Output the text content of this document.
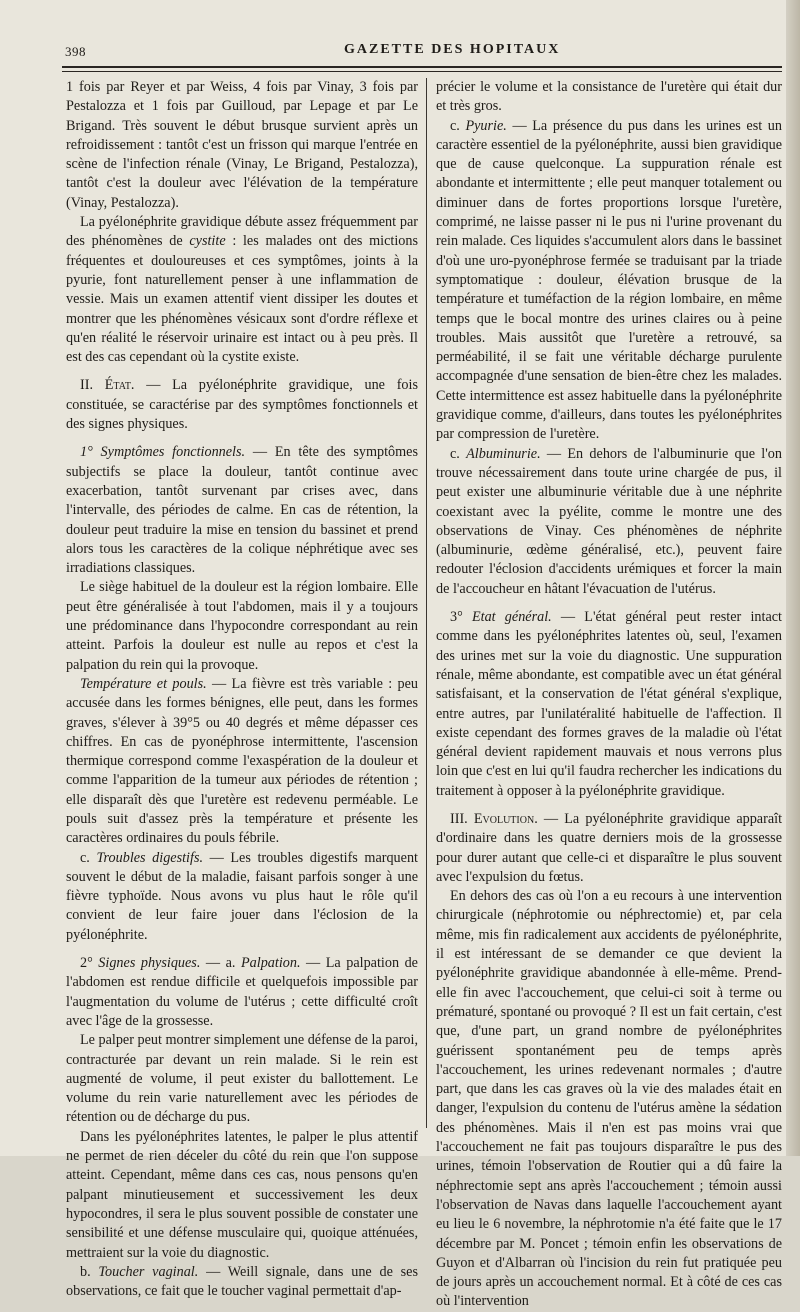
398	GAZETTE DES HOPITAUX

1 fois par Reyer et par Weiss, 4 fois par Vinay, 3 fois par Pestalozza et 1 fois par Guilloud, par Lepage et par Le Brigand. Très souvent le début brusque survient après un refroidissement : tantôt c'est un frisson qui marque l'entrée en scène de l'infection rénale (Vinay, Le Brigand, Pestalozza), tantôt c'est la douleur avec l'élévation de la température (Vinay, Pestalozza).

La pyélonéphrite gravidique débute assez fréquemment par des phénomènes de cystite : les malades ont des mictions fréquentes et douloureuses et ces symptômes, joints à la pyurie, font naturellement penser à une inflammation de vessie. Mais un examen attentif vient dissiper les doutes et montrer que les phénomènes vésicaux sont d'ordre réflexe et qu'en réalité le réservoir urinaire est intact ou à peu près. Il est des cas cependant où la cystite existe.

II. État. — La pyélonéphrite gravidique, une fois constituée, se caractérise par des symptômes fonctionnels et des signes physiques.

1° Symptômes fonctionnels. — En tête des symptômes subjectifs se place la douleur, tantôt continue avec exacerbation, tantôt survenant par crises avec, dans l'intervalle, des périodes de calme. En cas de rétention, la douleur peut traduire la mise en tension du bassinet et prend alors tous les caractères de la colique néphrétique avec ses irradiations classiques.

Le siège habituel de la douleur est la région lombaire. Elle peut être généralisée à tout l'abdomen, mais il y a toujours une prédominance dans l'hypocondre correspondant au rein atteint. Parfois la douleur est nulle au repos et c'est la palpation du rein qui la provoque.

Température et pouls. — La fièvre est très variable : peu accusée dans les formes bénignes, elle peut, dans les formes graves, s'élever à 39°5 ou 40 degrés et même dépasser ces chiffres. En cas de pyonéphrose intermittente, l'ascension thermique correspond comme l'exaspération de la douleur et comme l'apparition de la tumeur aux périodes de rétention ; elle disparaît dès que l'uretère est redevenu perméable. Le pouls suit d'assez près la température et présente les caractères ordinaires du pouls fébrile.

c. Troubles digestifs. — Les troubles digestifs marquent souvent le début de la maladie, faisant parfois songer à une fièvre typhoïde. Nous avons vu plus haut le rôle qu'il convient de leur faire jouer dans l'éclosion de la pyélonéphrite.

2° Signes physiques. — a. Palpation. — La palpation de l'abdomen est rendue difficile et quelquefois impossible par l'augmentation du volume de l'utérus ; cette difficulté croît avec l'âge de la grossesse.

Le palper peut montrer simplement une défense de la paroi, contracturée par devant un rein malade. Si le rein est augmenté de volume, il peut exister du ballottement. Le volume du rein varie naturellement avec les périodes de rétention ou de décharge du pus.

Dans les pyélonéphrites latentes, le palper le plus attentif ne permet de rien déceler du côté du rein que l'on suppose atteint. Cependant, même dans ces cas, nous pensons qu'en palpant minutieusement et successivement les deux hypocondres, il sera le plus souvent possible de constater une sensibilité et une défense musculaire qui, quoique atténuées, mettraient sur la voie du diagnostic.

b. Toucher vaginal. — Weill signale, dans une de ses observations, ce fait que le toucher vaginal permettait d'ap-

précier le volume et la consistance de l'uretère qui était dur et très gros.

c. Pyurie. — La présence du pus dans les urines est un caractère essentiel de la pyélonéphrite, aussi bien gravidique que de cause quelconque. La suppuration rénale est abondante et intermittente ; elle peut manquer totalement ou diminuer dans de fortes proportions lorsque l'uretère, comprimé, ne laisse passer ni le pus ni l'urine provenant du rein malade. Ces liquides s'accumulent alors dans le bassinet d'où une uro-pyonéphrose fermée se traduisant par la triade symptomatique : douleur, élévation brusque de la température et tuméfaction de la région lombaire, en même temps que le bocal montre des urines claires ou à peine troubles. Mais aussitôt que l'uretère a retrouvé, sa perméabilité, il se fait une véritable décharge purulente accompagnée d'une sensation de bien-être chez les malades. Cette intermittence est assez habituelle dans la pyélonéphrite gravidique comme, d'ailleurs, dans toutes les pyélonéphrites par compression de l'uretère.

c. Albuminurie. — En dehors de l'albuminurie que l'on trouve nécessairement dans toute urine chargée de pus, il peut exister une albuminurie véritable due à une néphrite coexistant avec la pyélite, comme le montre une des observations de Vinay. Ces phénomènes de néphrite (albuminurie, œdème généralisé, etc.), peuvent faire redouter l'éclosion d'accidents urémiques et forcer la main de l'accoucheur en hâtant l'évacuation de l'utérus.

3° Etat général. — L'état général peut rester intact comme dans les pyélonéphrites latentes où, seul, l'examen des urines met sur la voie du diagnostic. Une suppuration rénale, même abondante, est compatible avec un état général satisfaisant, et la conservation de l'état général s'explique, entre autres, par l'unilatéralité habituelle de l'affection. Il existe cependant des formes graves de la maladie où l'état général devient rapidement mauvais et nous verrons plus loin que c'est en lui qu'il faudra rechercher les indications du traitement à opposer à la pyélonéphrite gravidique.

III. Evolution. — La pyélonéphrite gravidique apparaît d'ordinaire dans les quatre derniers mois de la grossesse pour durer autant que celle-ci et disparaître le plus souvent avec l'expulsion du fœtus.

En dehors des cas où l'on a eu recours à une intervention chirurgicale (néphrotomie ou néphrectomie) et, par cela même, mis fin radicalement aux accidents de pyélonéphrite, il est intéressant de se demander ce que devient la pyélonéphrite gravidique abandonnée à elle-même. Prend-elle fin avec l'accouchement, que celui-ci soit à terme ou prématuré, spontané ou provoqué ? Il est un fait certain, c'est que, d'une part, un grand nombre de pyélonéphrites guérissent spontanément peu de temps après l'accouchement, les urines redevenant normales ; d'autre part, que dans les cas graves où la vie des malades était en danger, l'expulsion du contenu de l'utérus amène la sédation des phénomènes. Mais il n'en est pas moins vrai que l'accouchement ne fait pas toujours disparaître le pus des urines, témoin l'observation de Routier qui a dû faire la néphrectomie sept ans après l'accouchement ; témoin aussi l'observation de Navas dans laquelle l'accouchement ayant eu lieu le 6 novembre, la néphrotomie n'a été faite que le 17 décembre par M. Poncet ; témoin enfin les observations de Guyon et d'Albarran où l'incision du rein fut pratiquée peu de jours après un accouchement normal. Et à côté de ces cas où l'intervention
